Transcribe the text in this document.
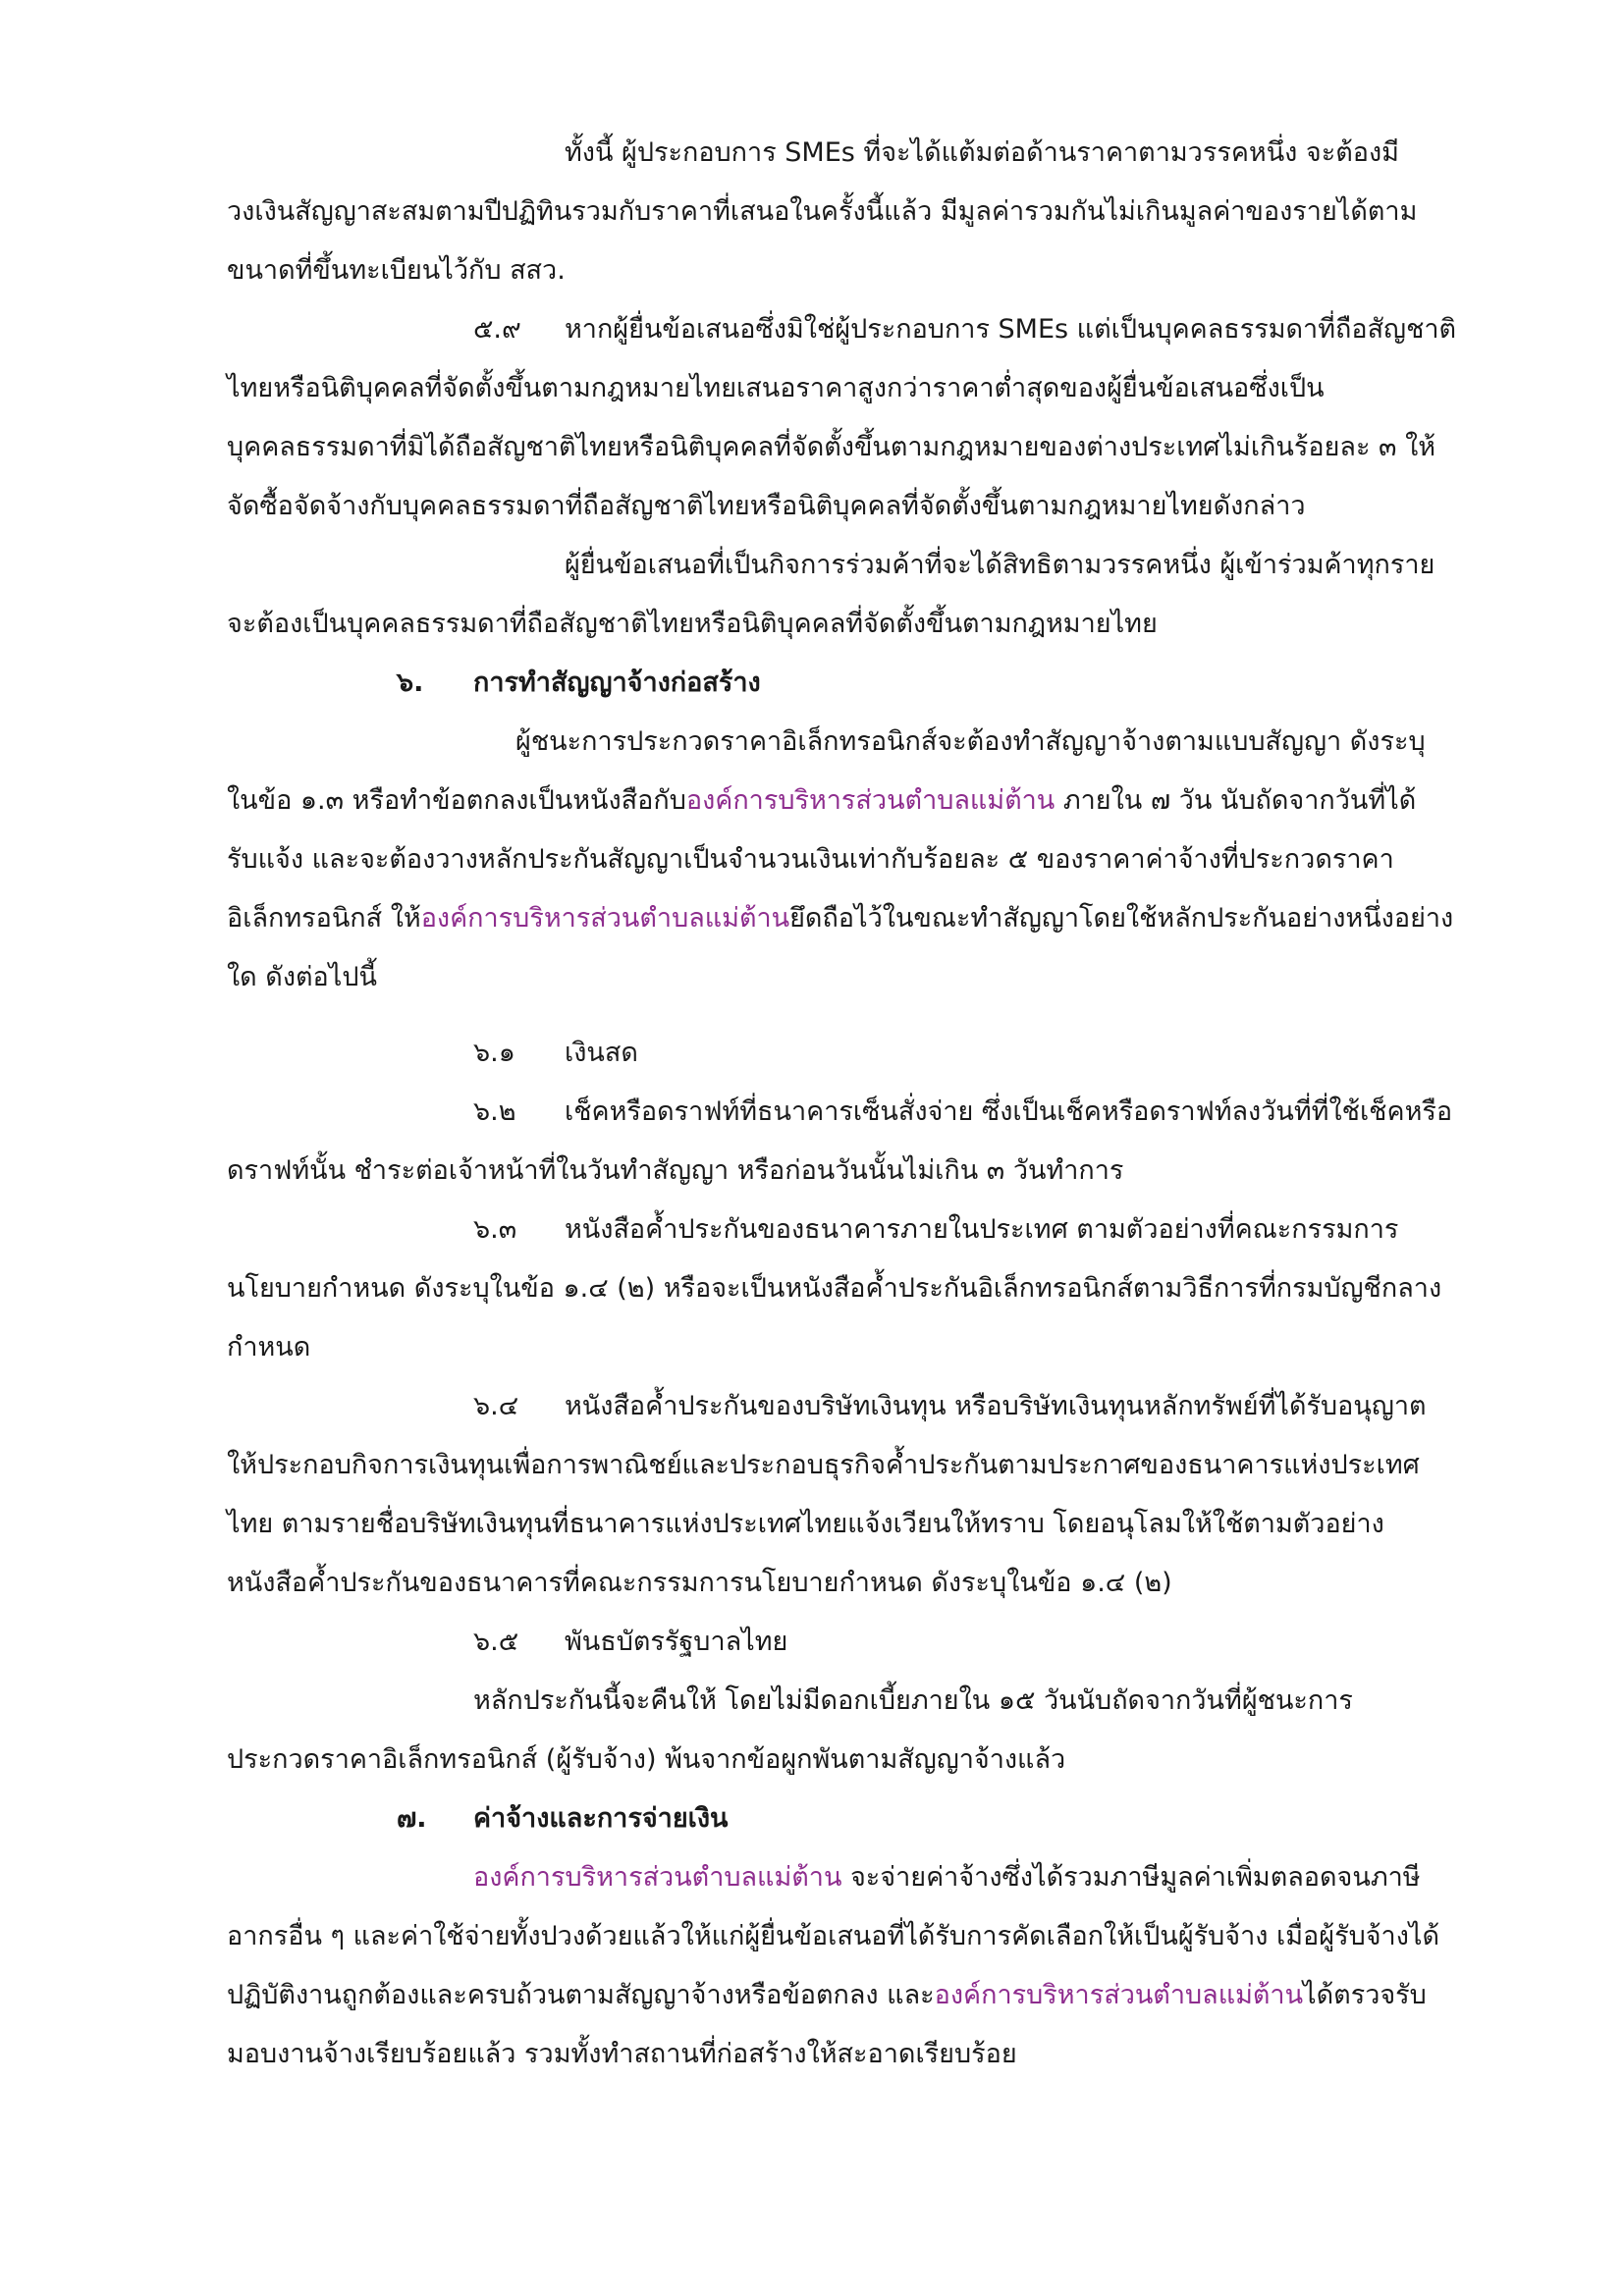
ทั้งนี้ ผู้ประกอบการ SMEs ที่จะได้แต้มต่อด้านราคาตามวรรคหนึ่ง จะต้องมี
วงเงินสัญญาสะสมตามปีปฏิทินรวมกับราคาที่เสนอในครั้งนี้แล้ว มีมูลค่ารวมกันไม่เกินมูลค่าของรายได้ตาม
ขนาดที่ขึ้นทะเบียนไว้กับ สสว.
๕.๙ หากผู้ยื่นข้อเสนอซึ่งมิใช่ผู้ประกอบการ SMEs แต่เป็นบุคคลธรรมดาที่ถือสัญชาติ
ไทยหรือนิติบุคคลที่จัดตั้งขึ้นตามกฎหมายไทยเสนอราคาสูงกว่าราคาต่ำสุดของผู้ยื่นข้อเสนอซึ่งเป็น
บุคคลธรรมดาที่มิได้ถือสัญชาติไทยหรือนิติบุคคลที่จัดตั้งขึ้นตามกฎหมายของต่างประเทศไม่เกินร้อยละ ๓ ให้
จัดซื้อจัดจ้างกับบุคคลธรรมดาที่ถือสัญชาติไทยหรือนิติบุคคลที่จัดตั้งขึ้นตามกฎหมายไทยดังกล่าว
ผู้ยื่นข้อเสนอที่เป็นกิจการร่วมค้าที่จะได้สิทธิตามวรรคหนึ่ง ผู้เข้าร่วมค้าทุกราย
จะต้องเป็นบุคคลธรรมดาที่ถือสัญชาติไทยหรือนิติบุคคลที่จัดตั้งขึ้นตามกฎหมายไทย
๖. การทำสัญญาจ้างก่อสร้าง
ผู้ชนะการประกวดราคาอิเล็กทรอนิกส์จะต้องทำสัญญาจ้างตามแบบสัญญา ดังระบุ
ในข้อ ๑.๓ หรือทำข้อตกลงเป็นหนังสือกับองค์การบริหารส่วนตำบลแม่ต้าน ภายใน ๗ วัน นับถัดจากวันที่ได้
รับแจ้ง และจะต้องวางหลักประกันสัญญาเป็นจำนวนเงินเท่ากับร้อยละ ๕ ของราคาค่าจ้างที่ประกวดราคา
อิเล็กทรอนิกส์ ให้องค์การบริหารส่วนตำบลแม่ต้านยึดถือไว้ในขณะทำสัญญาโดยใช้หลักประกันอย่างหนึ่งอย่าง
ใด ดังต่อไปนี้
๖.๑ เงินสด
๖.๒ เช็คหรือดราฟท์ที่ธนาคารเซ็นสั่งจ่าย ซึ่งเป็นเช็คหรือดราฟท์ลงวันที่ที่ใช้เช็คหรือ
ดราฟท์นั้น ชำระต่อเจ้าหน้าที่ในวันทำสัญญา หรือก่อนวันนั้นไม่เกิน ๓ วันทำการ
๖.๓ หนังสือค้ำประกันของธนาคารภายในประเทศ ตามตัวอย่างที่คณะกรรมการ
นโยบายกำหนด ดังระบุในข้อ ๑.๔ (๒) หรือจะเป็นหนังสือค้ำประกันอิเล็กทรอนิกส์ตามวิธีการที่กรมบัญชีกลาง
กำหนด
๖.๔ หนังสือค้ำประกันของบริษัทเงินทุน หรือบริษัทเงินทุนหลักทรัพย์ที่ได้รับอนุญาต
ให้ประกอบกิจการเงินทุนเพื่อการพาณิชย์และประกอบธุรกิจค้ำประกันตามประกาศของธนาคารแห่งประเทศ
ไทย ตามรายชื่อบริษัทเงินทุนที่ธนาคารแห่งประเทศไทยแจ้งเวียนให้ทราบ โดยอนุโลมให้ใช้ตามตัวอย่าง
หนังสือค้ำประกันของธนาคารที่คณะกรรมการนโยบายกำหนด ดังระบุในข้อ ๑.๔ (๒)
๖.๕ พันธบัตรรัฐบาลไทย
หลักประกันนี้จะคืนให้ โดยไม่มีดอกเบี้ยภายใน ๑๕ วันนับถัดจากวันที่ผู้ชนะการ
ประกวดราคาอิเล็กทรอนิกส์ (ผู้รับจ้าง) พ้นจากข้อผูกพันตามสัญญาจ้างแล้ว
๗. ค่าจ้างและการจ่ายเงิน
องค์การบริหารส่วนตำบลแม่ต้าน จะจ่ายค่าจ้างซึ่งได้รวมภาษีมูลค่าเพิ่มตลอดจนภาษี
อากรอื่น ๆ และค่าใช้จ่ายทั้งปวงด้วยแล้วให้แก่ผู้ยื่นข้อเสนอที่ได้รับการคัดเลือกให้เป็นผู้รับจ้าง เมื่อผู้รับจ้างได้
ปฏิบัติงานถูกต้องและครบถ้วนตามสัญญาจ้างหรือข้อตกลง และองค์การบริหารส่วนตำบลแม่ต้านได้ตรวจรับ
มอบงานจ้างเรียบร้อยแล้ว รวมทั้งทำสถานที่ก่อสร้างให้สะอาดเรียบร้อย
